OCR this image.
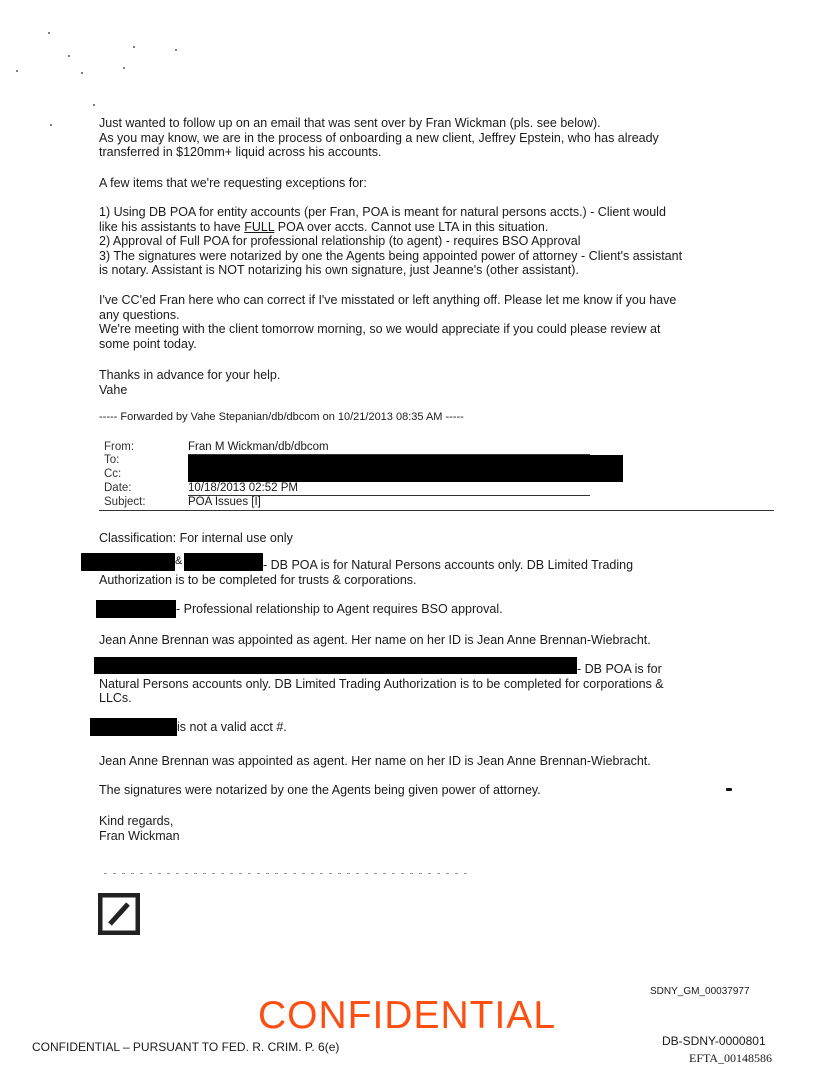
Just wanted to follow up on an email that was sent over by Fran Wickman (pls. see below).
As you may know, we are in the process of onboarding a new client, Jeffrey Epstein, who has already
transferred in $120mm+ liquid across his accounts.
A few items that we're requesting exceptions for:
1) Using DB POA for entity accounts (per Fran, POA is meant for natural persons accts.) - Client would
like his assistants to have FULL POA over accts. Cannot use LTA in this situation.
2) Approval of Full POA for professional relationship (to agent) - requires BSO Approval
3) The signatures were notarized by one the Agents being appointed power of attorney - Client's assistant
is notary. Assistant is NOT notarizing his own signature, just Jeanne's (other assistant).
I've CC'ed Fran here who can correct if I've misstated or left anything off. Please let me know if you have
any questions.
We're meeting with the client tomorrow morning, so we would appreciate if you could please review at
some point today.
Thanks in advance for your help.
Vahe
----- Forwarded by Vahe Stepanian/db/dbcom on 10/21/2013 08:35 AM -----
From:	Fran M Wickman/db/dbcom
To:
Cc:
Date:	10/18/2013 02:52 PM
Subject:	POA Issues [I]
Classification: For internal use only
&	- DB POA is for Natural Persons accounts only. DB Limited Trading
Authorization is to be completed for trusts & corporations.
- Professional relationship to Agent requires BSO approval.
Jean Anne Brennan was appointed as agent. Her name on her ID is Jean Anne Brennan-Wiebracht.
- DB POA is for
Natural Persons accounts only. DB Limited Trading Authorization is to be completed for corporations &
LLCs.
is not a valid acct #.
Jean Anne Brennan was appointed as agent. Her name on her ID is Jean Anne Brennan-Wiebracht.
The signatures were notarized by one the Agents being given power of attorney.
Kind regards,
Fran Wickman
SDNY_GM_00037977
CONFIDENTIAL
CONFIDENTIAL – PURSUANT TO FED. R. CRIM. P. 6(e)	DB-SDNY-0000801
EFTA_00148586
